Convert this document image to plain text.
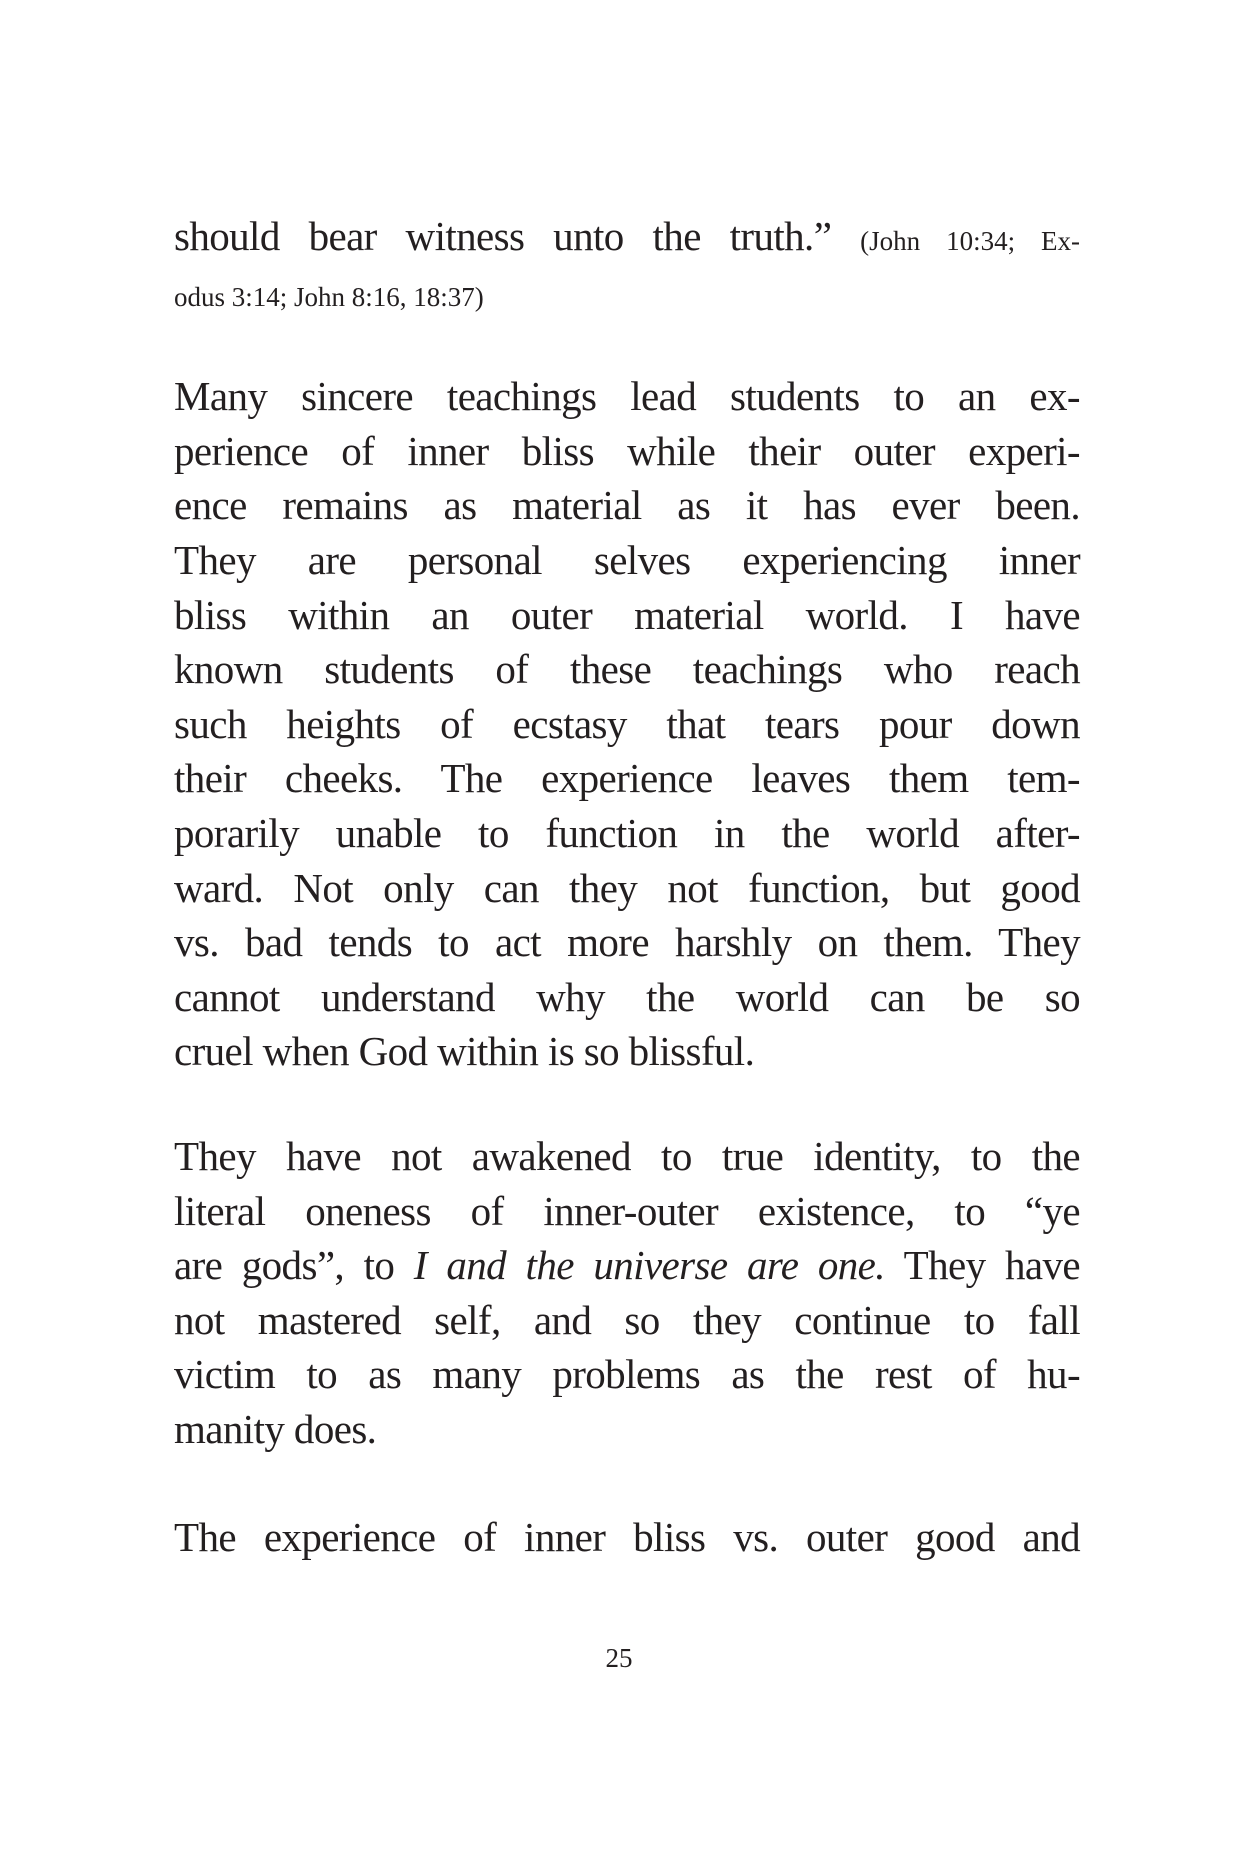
should bear witness unto the truth.” (John 10:34; Ex-
odus 3:14; John 8:16, 18:37)
Many sincere teachings lead students to an ex-
perience of inner bliss while their outer experi-
ence remains as material as it has ever been.
They are personal selves experiencing inner
bliss within an outer material world. I have
known students of these teachings who reach
such heights of ecstasy that tears pour down
their cheeks. The experience leaves them tem-
porarily unable to function in the world after-
ward. Not only can they not function, but good
vs. bad tends to act more harshly on them. They
cannot understand why the world can be so
cruel when God within is so blissful.
They have not awakened to true identity, to the
literal oneness of inner-outer existence, to “ye
are gods”, to I and the universe are one. They have
not mastered self, and so they continue to fall
victim to as many problems as the rest of hu-
manity does.
The experience of inner bliss vs. outer good and
25
